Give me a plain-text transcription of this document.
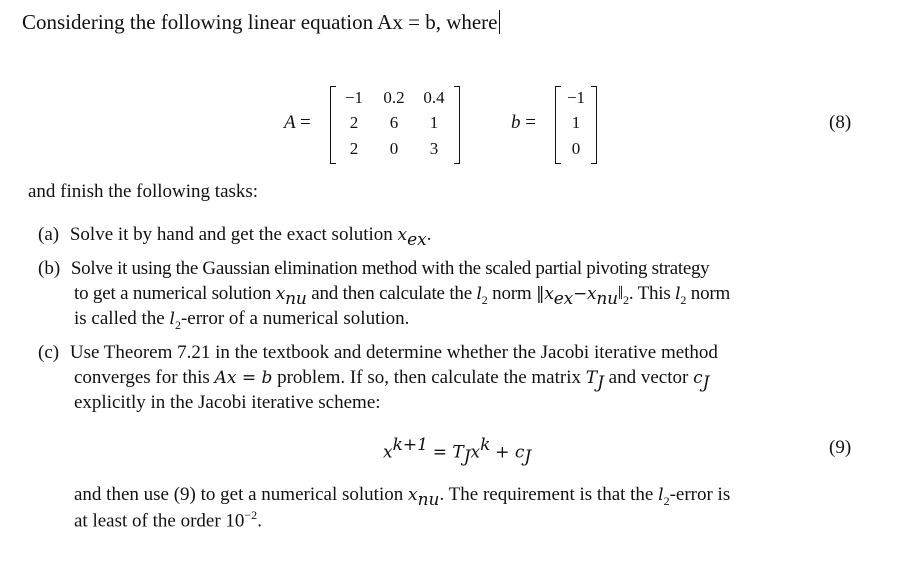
Considering the following linear equation Ax = b, where
A =
−1	0.2	0.4
2	6	1
2	0	3
b =
−1
1
0
(8)
and finish the following tasks:
(a) Solve it by hand and get the exact solution $x_{ex}$.
(b) Solve it using the Gaussian elimination method with the scaled partial pivoting strategy
to get a numerical solution $x_{nu}$ and then calculate the $l_2$ norm $‖x_{ex}-x_{nu}‖_2$. This $l_2$ norm
is called the $l_2$-error of a numerical solution.
(c) Use Theorem 7.21 in the textbook and determine whether the Jacobi iterative method
converges for this Ax = b problem. If so, then calculate the matrix $T_J$ and vector $c_J$
explicitly in the Jacobi iterative scheme:
$x^{k+1} = T_Jx^k + c_J$	(9)
and then use (9) to get a numerical solution $x_{nu}$. The requirement is that the $l_2$-error is
at least of the order $10^{-2}$.
